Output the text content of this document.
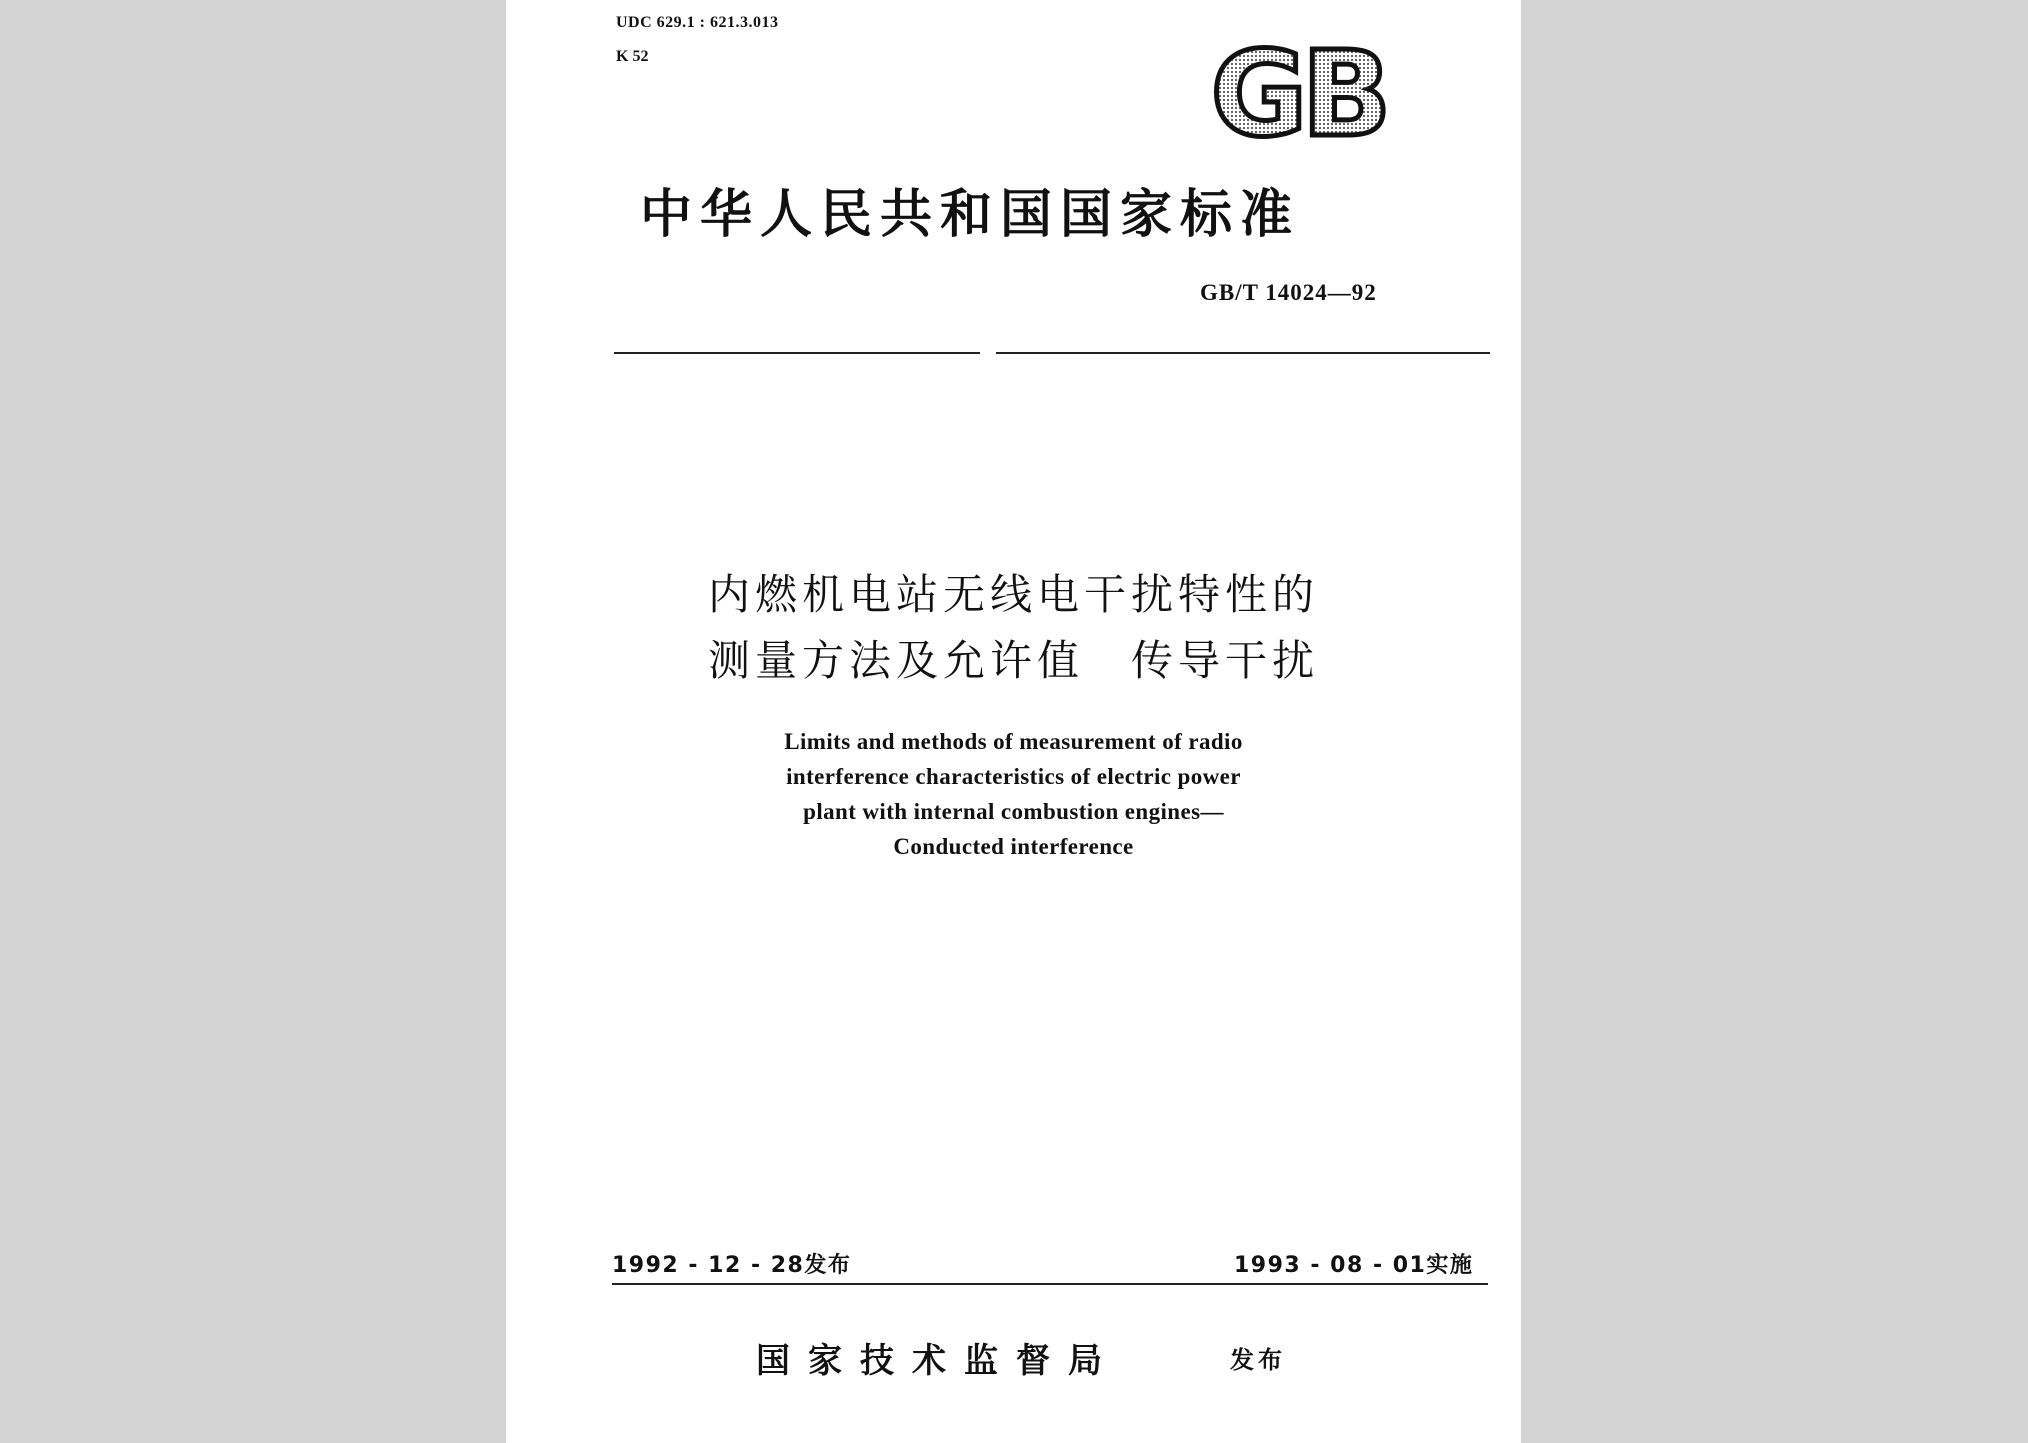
UDC 629.1 : 621.3.013
K 52	GB
中华人民共和国国家标准
GB/T 14024—92
内燃机电站无线电干扰特性的
测量方法及允许值　传导干扰
Limits and methods of measurement of radio
interference characteristics of electric power
plant with internal combustion engines—
Conducted interference
1992 - 12 - 28发布	1993 - 08 - 01实施
国家技术监督局	发布
